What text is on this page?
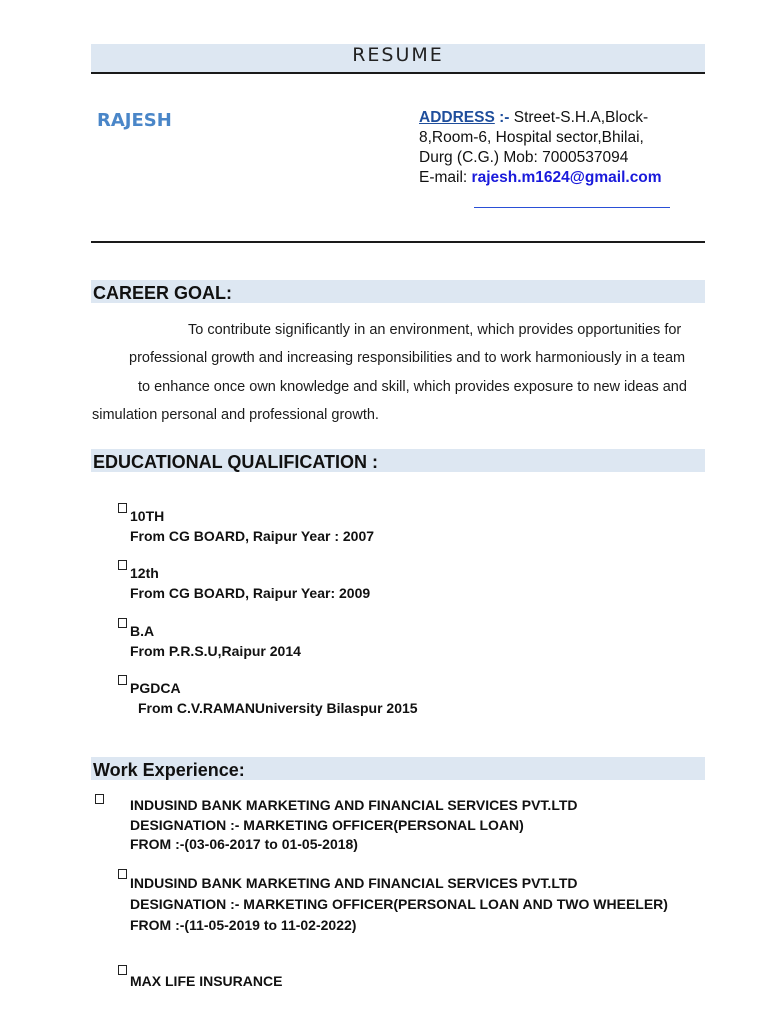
RESUME
RAJESH	ADDRESS :- Street-S.H.A,Block-
8,Room-6, Hospital sector,Bhilai,
Durg (C.G.) Mob: 7000537094
E-mail: rajesh.m1624@gmail.com
CAREER GOAL:

To contribute significantly in an environment, which provides opportunities for

professional growth and increasing responsibilities and to work harmoniously in a team

to enhance once own knowledge and skill, which provides exposure to new ideas and

simulation personal and professional growth.

EDUCATIONAL QUALIFICATION :
10TH
From CG BOARD, Raipur Year : 2007
12th
From CG BOARD, Raipur Year: 2009
B.A
From P.R.S.U,Raipur 2014
PGDCA
From C.V.RAMANUniversity Bilaspur 2015
Work Experience:
INDUSIND BANK MARKETING AND FINANCIAL SERVICES PVT.LTD
DESIGNATION :- MARKETING OFFICER(PERSONAL LOAN)
FROM :-(03-06-2017 to 01-05-2018)
INDUSIND BANK MARKETING AND FINANCIAL SERVICES PVT.LTD
DESIGNATION :- MARKETING OFFICER(PERSONAL LOAN AND TWO WHEELER)
FROM :-(11-05-2019 to 11-02-2022)
MAX LIFE INSURANCE
